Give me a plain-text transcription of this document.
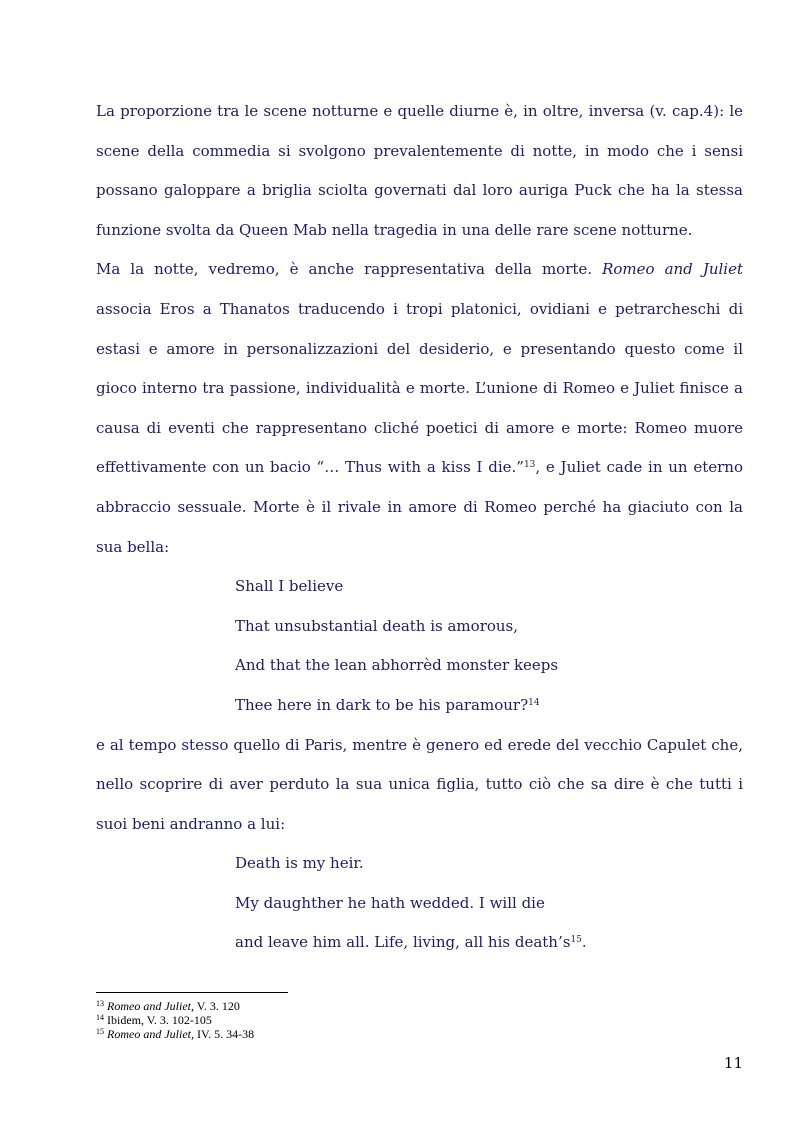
La proporzione tra le scene notturne e quelle diurne è, in oltre, inversa (v. cap.4): le scene della commedia si svolgono prevalentemente di notte, in modo che i sensi possano galoppare a briglia sciolta governati dal loro auriga Puck che ha la stessa funzione svolta da Queen Mab nella tragedia in una delle rare scene notturne.

Ma la notte, vedremo, è anche rappresentativa della morte. Romeo and Juliet associa Eros a Thanatos traducendo i tropi platonici, ovidiani e petrarcheschi di estasi e amore in personalizzazioni del desiderio, e presentando questo come il gioco interno tra passione, individualità e morte. L’unione di Romeo e Juliet finisce a causa di eventi che rappresentano cliché poetici di amore e morte: Romeo muore effettivamente con un bacio “… Thus with a kiss I die.”$^{13}$, e Juliet cade in un eterno abbraccio sessuale. Morte è il rivale in amore di Romeo perché ha giaciuto con la sua bella:

Shall I believe
That unsubstantial death is amorous,
And that the lean abhorrèd monster keeps
Thee here in dark to be his paramour?$^{14}$

e al tempo stesso quello di Paris, mentre è genero ed erede del vecchio Capulet che, nello scoprire di aver perduto la sua unica figlia, tutto ciò che sa dire è che tutti i suoi beni andranno a lui:

Death is my heir.
My daughther he hath wedded. I will die
and leave him all. Life, living, all his $death’s^{15}$.
$^{13}$ Romeo and Juliet, V. 3. 120
$^{14}$ Ibidem, V. 3. 102-105
$^{15}$ Romeo and Juliet, IV. 5. 34-38
11
